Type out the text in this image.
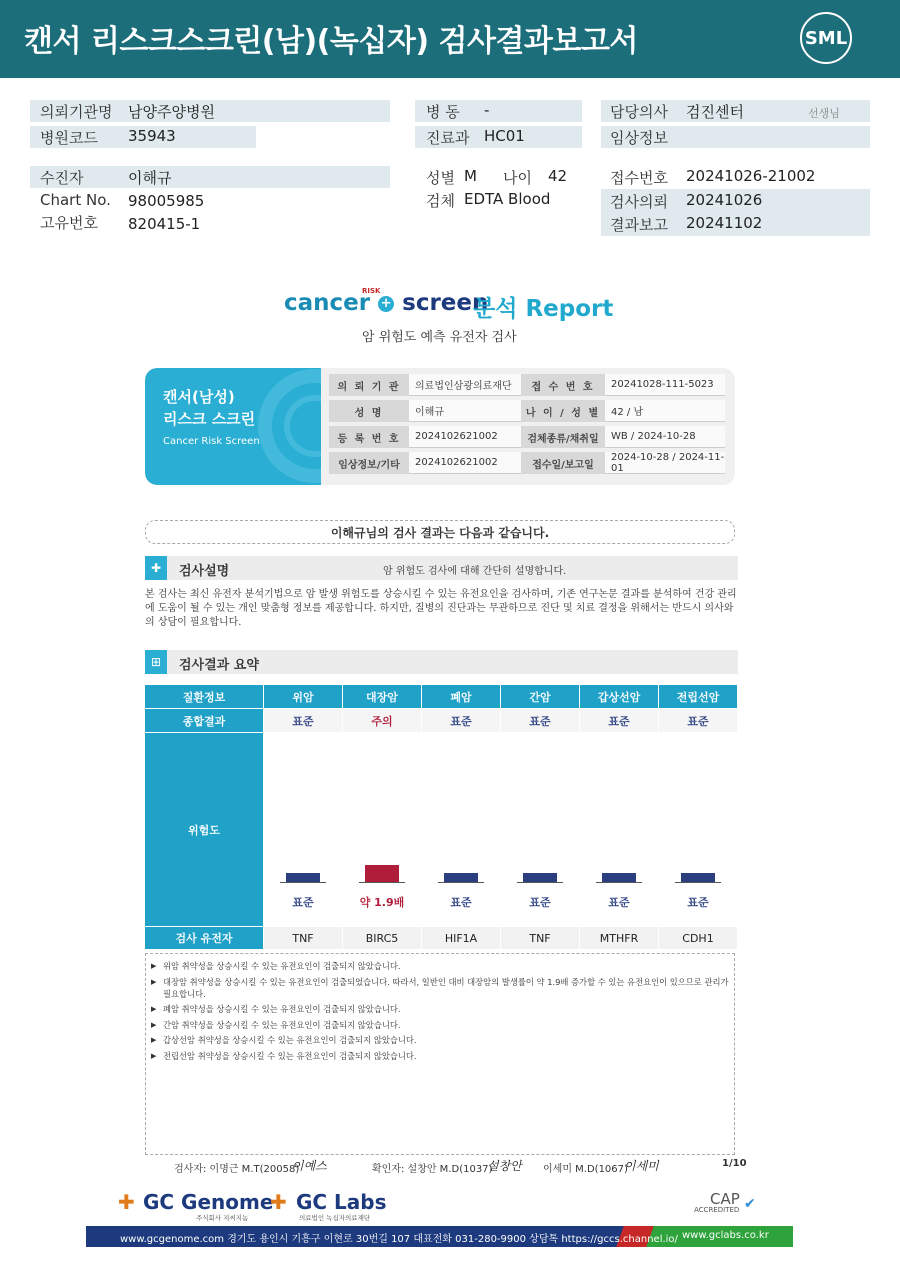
캔서 리스크스크린(남)(녹십자) 검사결과보고서	SML
의뢰기관명 남양주양병원
병원코드 35943
병 동 -
진료과 HC01
담당의사 검진센터	선생님
임상정보
수진자	이해규
Chart No. 98005985
고유번호 820415-1
성별 M 나이 42
검체 EDTA Blood
접수번호 20241026-21002
검사의뢰 20241026
결과보고 20241102
cancer + screen
RISK
분석 Report
암 위험도 예측 유전자 검사
캔서(남성)
리스크 스크린
Cancer Risk Screen
의 뢰 기 관	의료법인삼광의료재단	접 수 번 호	20241028-111-5023
성 명	이해규	나 이 / 성 별	42 / 남
등 록 번 호	2024102621002	검체종류/채취일	WB / 2024-10-28
임상정보/기타	2024102621002	접수일/보고일
2024-10-28 / 2024-11-01
이해규님의 검사 결과는 다음과 같습니다.
✚	검사설명	암 위험도 검사에 대해 간단히 설명합니다.
본 검사는 최신 유전자 분석기법으로 암 발생 위험도를 상승시킬 수 있는 유전요인을 검사하며, 기존 연구논문 결과를 분석하여 건강 관리에 도움이 될 수 있는 개인 맞춤형 정보를 제공합니다. 하지만, 질병의 진단과는 무관하므로 진단 및 치료 결정을 위해서는 반드시 의사와의 상담이 필요합니다.
⊞	검사결과 요약
질환정보	위암	대장암	폐암	간암	갑상선암	전립선암
종합결과	표준	주의	표준	표준	표준	표준
위험도
표준	약 1.9배	표준	표준	표준	표준
검사 유전자	TNF	BIRC5	HIF1A	TNF	MTHFR	CDH1
▶ 위암 취약성을 상승시킬 수 있는 유전요인이 검출되지 않았습니다.
▶ 대장암 취약성을 상승시킬 수 있는 유전요인이 검출되었습니다. 따라서, 일반인 대비 대장암의 발생률이 약 1.9배 증가할 수 있는 유전요인이 있으므로 관리가 필요합니다.
▶ 폐암 취약성을 상승시킬 수 있는 유전요인이 검출되지 않았습니다.
▶ 간암 취약성을 상승시킬 수 있는 유전요인이 검출되지 않았습니다.
▶ 갑상선암 취약성을 상승시킬 수 있는 유전요인이 검출되지 않았습니다.
▶ 전립선암 취약성을 상승시킬 수 있는 유전요인이 검출되지 않았습니다.
검사자: 이명근 M.T(20058)
이예스	확인자: 설창안 M.D(1037)
설창안 이세미 M.D(1067)
이세미	1/10
✚ GC Genome
주식회사 지씨지놈
✚ GC Labs
의료법인 녹십자의료재단
CAP
ACCREDITED ✔
www.gcgenome.com 경기도 용인시 기흥구 이현로 30번길 107 대표전화 031-280-9900 상담톡 https://gccs.channel.io/ www.gclabs.co.kr
